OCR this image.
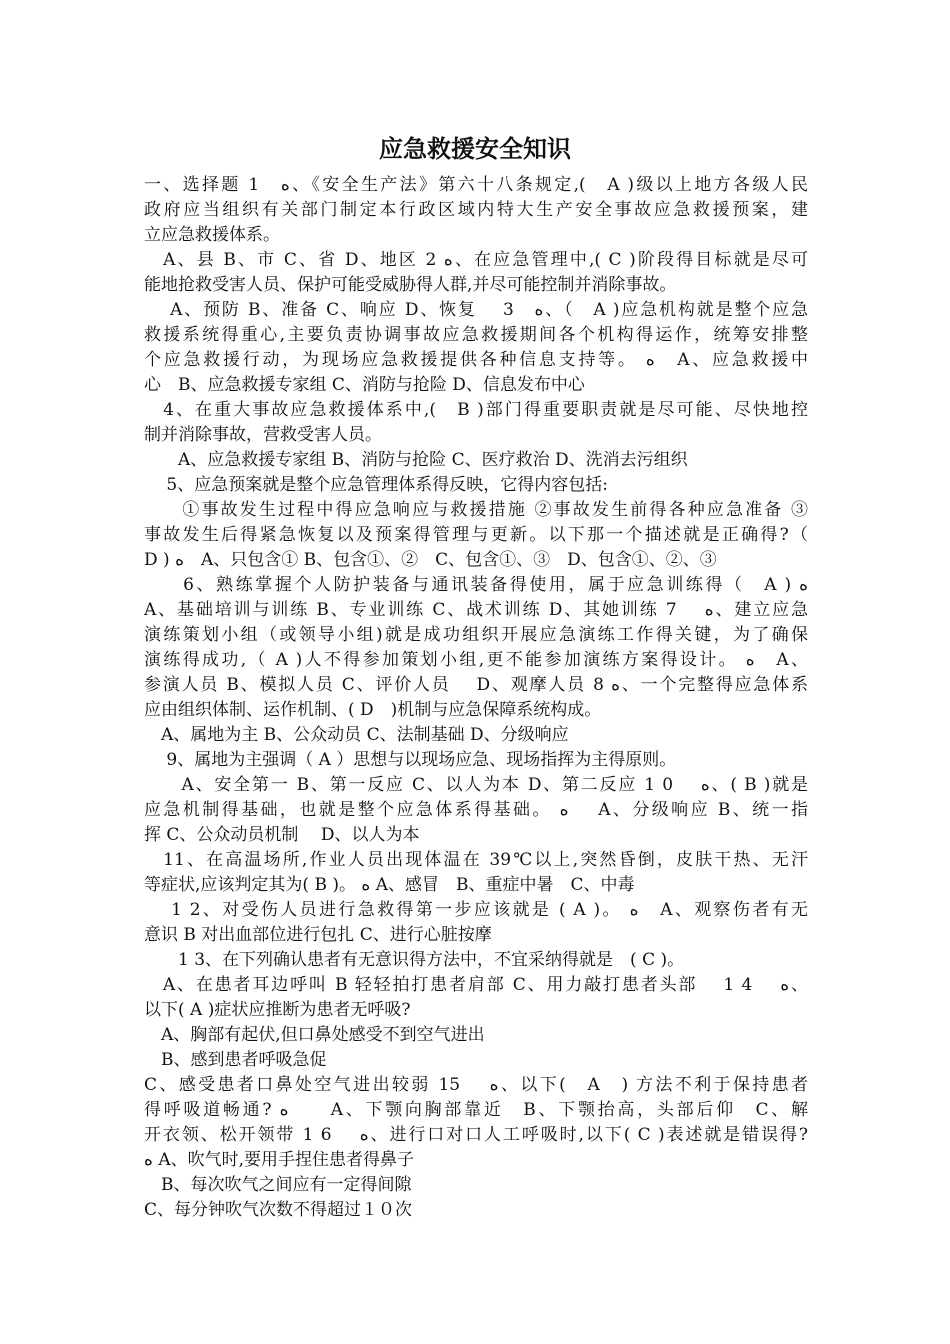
应急救援安全知识
一、选择题 1　ﻩ、《安全生产法》第六十八条规定,(　A )级以上地方各级人民
政府应当组织有关部门制定本行政区域内特大生产安全事故应急救援预案，建
立应急救援体系。
　A、县 B、市 C、省 D、地区 2 ﻩ、在应急管理中,( C )阶段得目标就是尽可
能地抢救受害人员、保护可能受威胁得人群,并尽可能控制并消除事故。
　 A、预防 B、准备 C、响应 D、恢复　 3　ﻩ、（　A )应急机构就是整个应急
救援系统得重心,主要负责协调事故应急救援期间各个机构得运作，统筹安排整
个应急救援行动，为现场应急救援提供各种信息支持等。 ﻩ　A、应急救援中
心　B、应急救援专家组 C、消防与抢险 D、信息发布中心
　4、在重大事故应急救援体系中,(　B )部门得重要职责就是尽可能、尽快地控
制并消除事故，营救受害人员。
　　A、应急救援专家组 B、消防与抢险 C、医疗救治 D、洗消去污组织
　 5、应急预案就是整个应急管理体系得反映，它得内容包括:
　　①事故发生过程中得应急响应与救援措施 ②事故发生前得各种应急准备 ③
事故发生后得紧急恢复以及预案得管理与更新。以下那一个描述就是正确得?（
D ) ﻩ　A、只包含① B、包含①、②　C、包含①、③　D、包含①、②、③
　　6、熟练掌握个人防护装备与通讯装备得使用，属于应急训练得（　A ) ﻩ
A、基础培训与训练 B、专业训练 C、战术训练 D、其她训练 7　 ﻩ、建立应急
演练策划小组（或领导小组)就是成功组织开展应急演练工作得关键，为了确保
演练得成功,（ A )人不得参加策划小组,更不能参加演练方案得设计。 ﻩ　A、
参演人员 B、模拟人员 C、评价人员　 D、观摩人员 8 ﻩ、一个完整得应急体系
应由组织体制、运作机制、( D　)机制与应急保障系统构成。
　A、属地为主 B、公众动员 C、法制基础 D、分级响应
　 9、属地为主强调（ A ）思想与以现场应急、现场指挥为主得原则。
　　A、安全第一 B、第一反应 C、以人为本 D、第二反应 1 0　 ﻩ、( B )就是
应急机制得基础，也就是整个应急体系得基础。 ﻩ　 A、分级响应 B、统一指
挥 C、公众动员机制　 D、以人为本
　11、在高温场所,作业人员出现体温在 39℃以上,突然昏倒，皮肤干热、无汗
等症状,应该判定其为( B )。 ﻩ A、感冒　B、重症中暑　C、中毒
　 1 2、对受伤人员进行急救得第一步应该就是 ( A )。 ﻩ　A、观察伤者有无
意识 B 对出血部位进行包扎 C、进行心脏按摩
　　1 3、在下列确认患者有无意识得方法中，不宜采纳得就是　( C )。
　A、在患者耳边呼叫 B 轻轻拍打患者肩部 C、用力敲打患者头部　 1 4　 ﻩ、
以下( A )症状应推断为患者无呼吸?
　A、胸部有起伏,但口鼻处感受不到空气进出
　B、感到患者呼吸急促
C、感受患者口鼻处空气进出较弱 15　 ﻩ、以下(　A　) 方法不利于保持患者
得呼吸道畅通? ﻩ　　A、下颚向胸部靠近　B、下颚抬高，头部后仰　C、解
开衣领、松开领带 1 6　 ﻩ、进行口对口人工呼吸时,以下( C )表述就是错误得?
ﻩ A、吹气时,要用手捏住患者得鼻子
　B、每次吹气之间应有一定得间隙
C、每分钟吹气次数不得超过１０次
